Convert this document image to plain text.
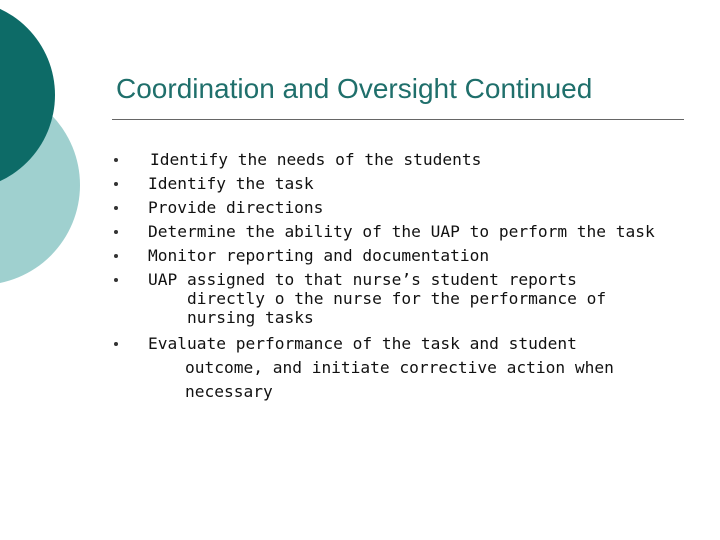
Coordination and Oversight Continued
Identify the needs of the students
Identify the task
Provide directions
Determine the ability of the UAP to perform the task
Monitor reporting and documentation
UAP assigned to that nurse’s student reports
directly o the nurse for the performance of
nursing tasks
Evaluate performance of the task and student
outcome, and initiate corrective action when
necessary
